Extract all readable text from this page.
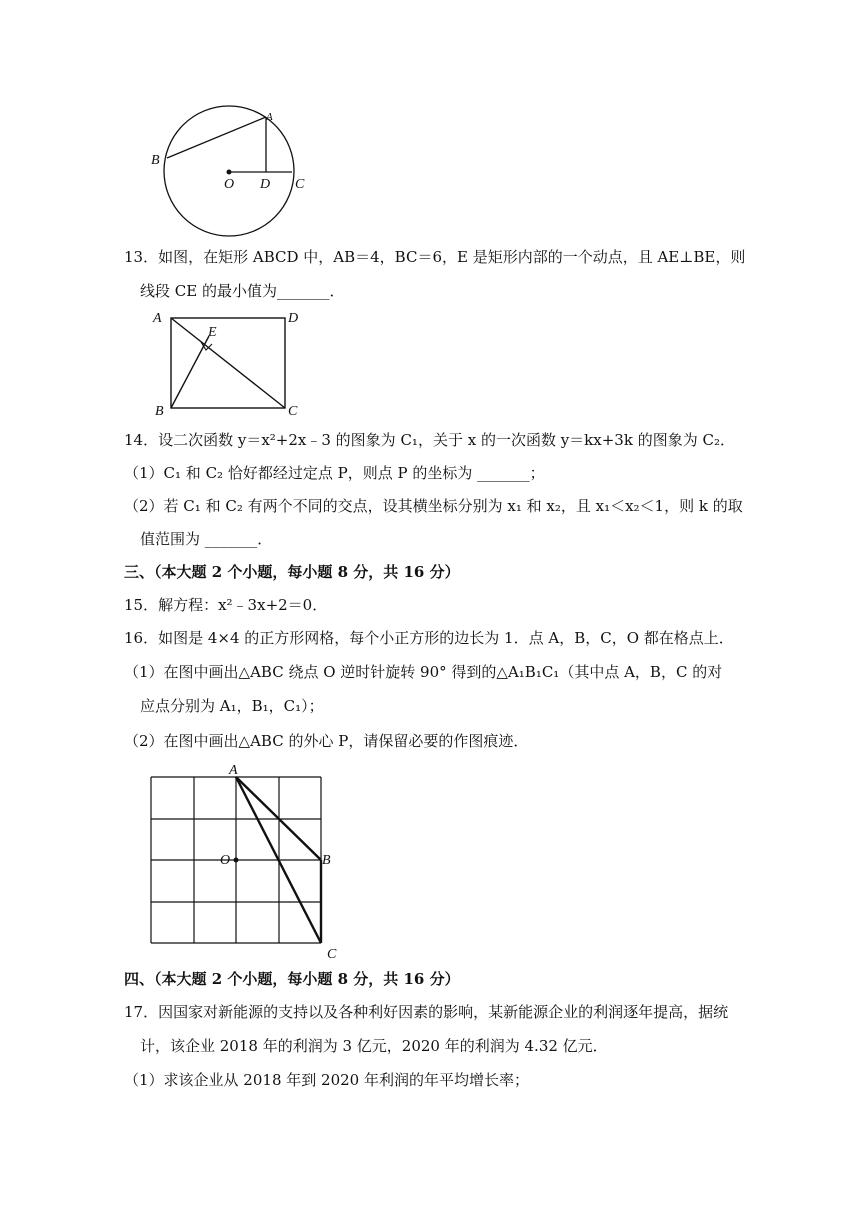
A
B
O D C
13．如图，在矩形 ABCD 中，AB＝4，BC＝6，E 是矩形内部的一个动点，且 AE⊥BE，则
线段 CE 的最小值为_______．
A	D
E
B	C
14．设二次函数 y＝x²+2x﹣3 的图象为 C₁，关于 x 的一次函数 y＝kx+3k 的图象为 C₂．
（1）C₁ 和 C₂ 恰好都经过定点 P，则点 P 的坐标为 _______；
（2）若 C₁ 和 C₂ 有两个不同的交点，设其横坐标分别为 x₁ 和 x₂，且 x₁＜x₂＜1，则 k 的取
值范围为 _______．
三、（本大题 2 个小题，每小题 8 分，共 16 分）
15．解方程：x²﹣3x+2＝0．
16．如图是 4×4 的正方形网格，每个小正方形的边长为 1．点 A，B，C，O 都在格点上．
（1）在图中画出△ABC 绕点 O 逆时针旋转 90° 得到的△A₁B₁C₁（其中点 A，B，C 的对
应点分别为 A₁，B₁，C₁）；
（2）在图中画出△ABC 的外心 P，请保留必要的作图痕迹．
A
O	B
C
四、（本大题 2 个小题，每小题 8 分，共 16 分）
17．因国家对新能源的支持以及各种利好因素的影响，某新能源企业的利润逐年提高，据统
计，该企业 2018 年的利润为 3 亿元，2020 年的利润为 4.32 亿元．
（1）求该企业从 2018 年到 2020 年利润的年平均增长率；
